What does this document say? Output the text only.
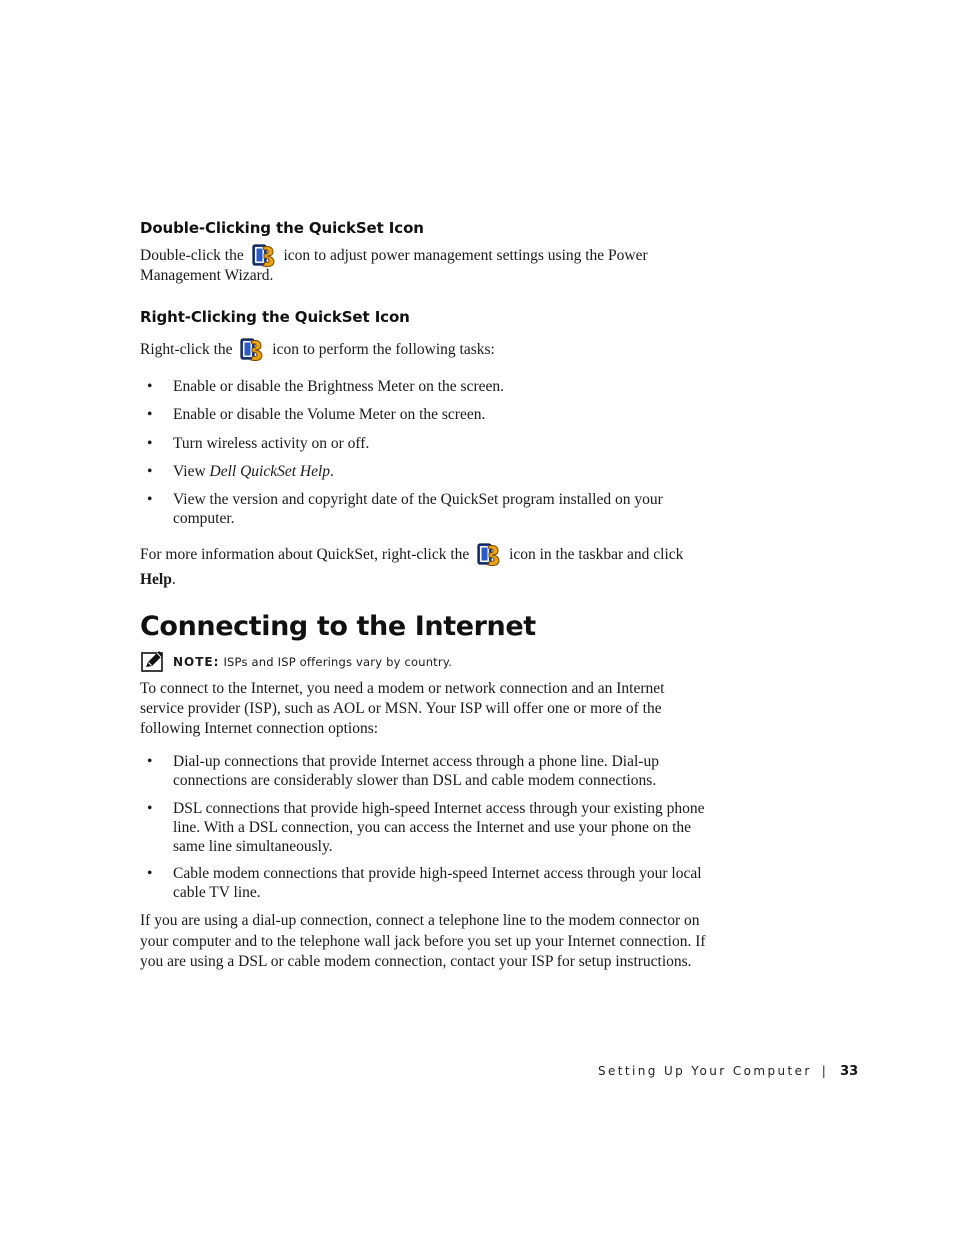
Double-Clicking the QuickSet Icon
Double-click the	icon to adjust power management settings using the Power
Management Wizard.
Right-Clicking the QuickSet Icon
Right-click the	icon to perform the following tasks:
• Enable or disable the Brightness Meter on the screen.
• Enable or disable the Volume Meter on the screen.
• Turn wireless activity on or off.
• View Dell QuickSet Help.
• View the version and copyright date of the QuickSet program installed on your
computer.
For more information about QuickSet, right-click the	icon in the taskbar and click
Help.
Connecting to the Internet
NOTE: ISPs and ISP offerings vary by country.
To connect to the Internet, you need a modem or network connection and an Internet
service provider (ISP), such as AOL or MSN. Your ISP will offer one or more of the
following Internet connection options:
• Dial-up connections that provide Internet access through a phone line. Dial-up
connections are considerably slower than DSL and cable modem connections.
• DSL connections that provide high-speed Internet access through your existing phone
line. With a DSL connection, you can access the Internet and use your phone on the
same line simultaneously.
• Cable modem connections that provide high-speed Internet access through your local
cable TV line.
If you are using a dial-up connection, connect a telephone line to the modem connector on
your computer and to the telephone wall jack before you set up your Internet connection. If
you are using a DSL or cable modem connection, contact your ISP for setup instructions.
Setting Up Your Computer | 33
